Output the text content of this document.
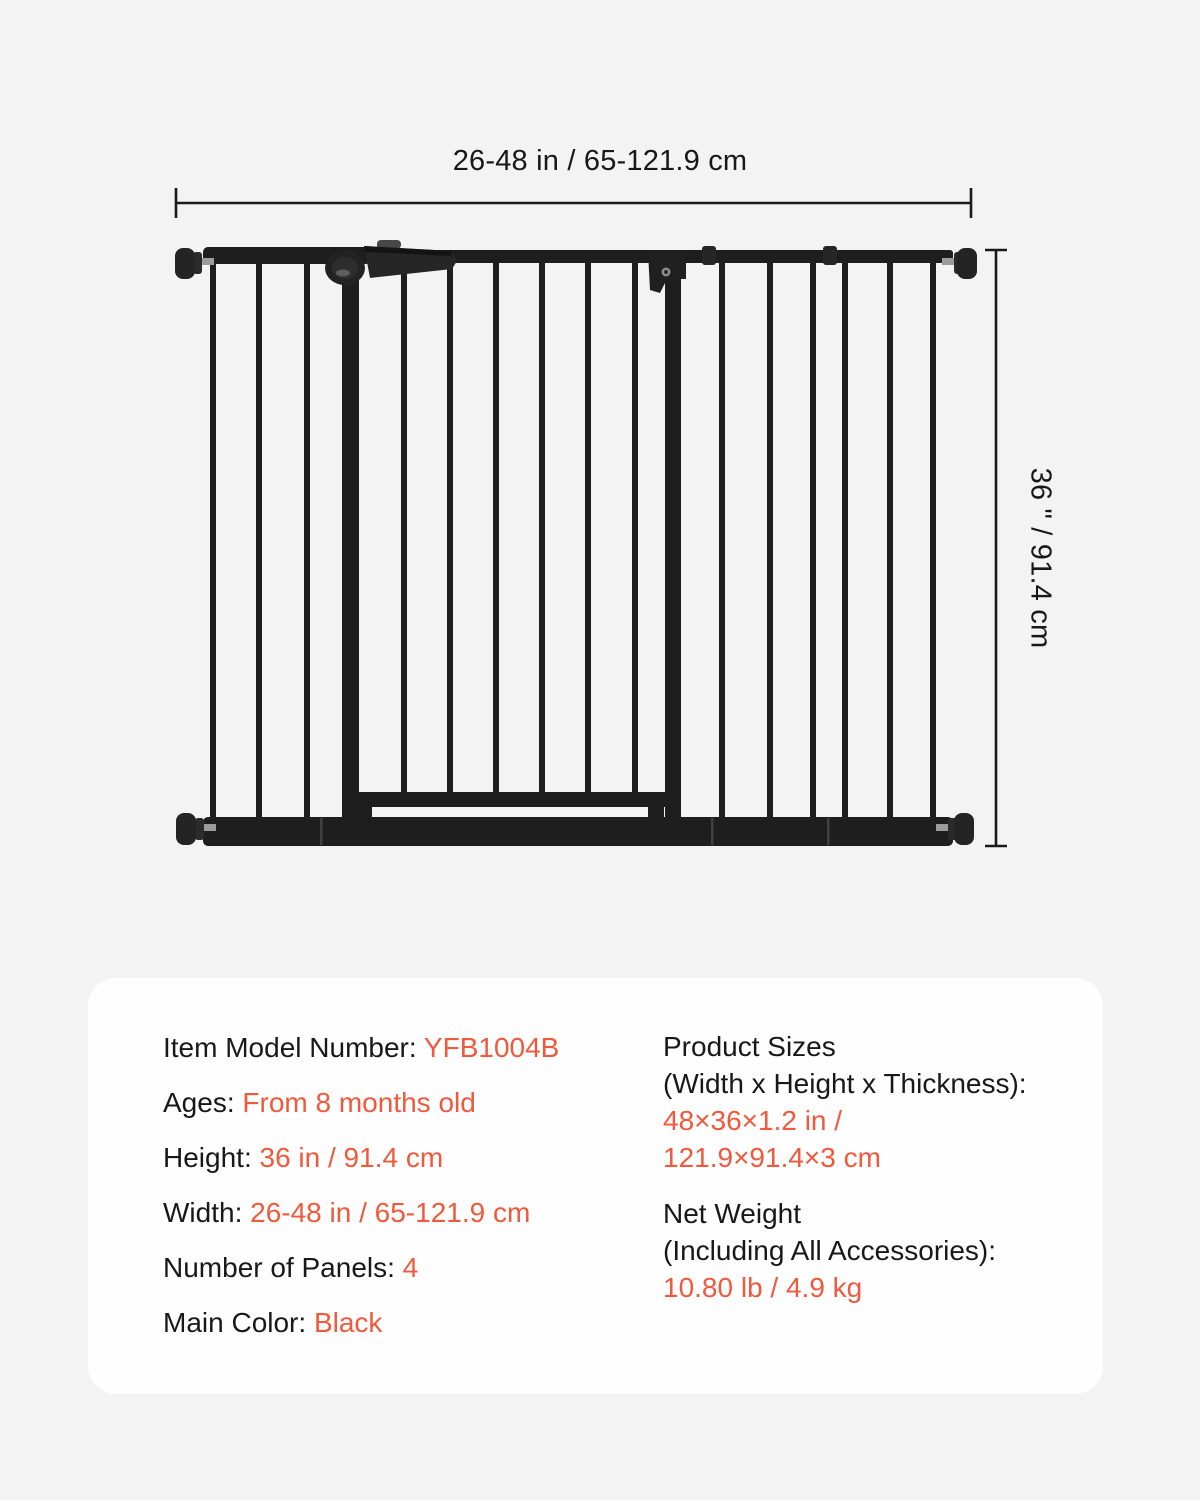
26-48 in / 65-121.9 cm
36 " / 91.4 cm
Item Model Number: YFB1004B
Ages: From 8 months old
Height: 36 in / 91.4 cm
Width: 26-48 in / 65-121.9 cm
Number of Panels: 4
Main Color: Black
Product Sizes
(Width x Height x Thickness):
48×36×1.2 in /
121.9×91.4×3 cm
Net Weight
(Including All Accessories):
10.80 lb / 4.9 kg
